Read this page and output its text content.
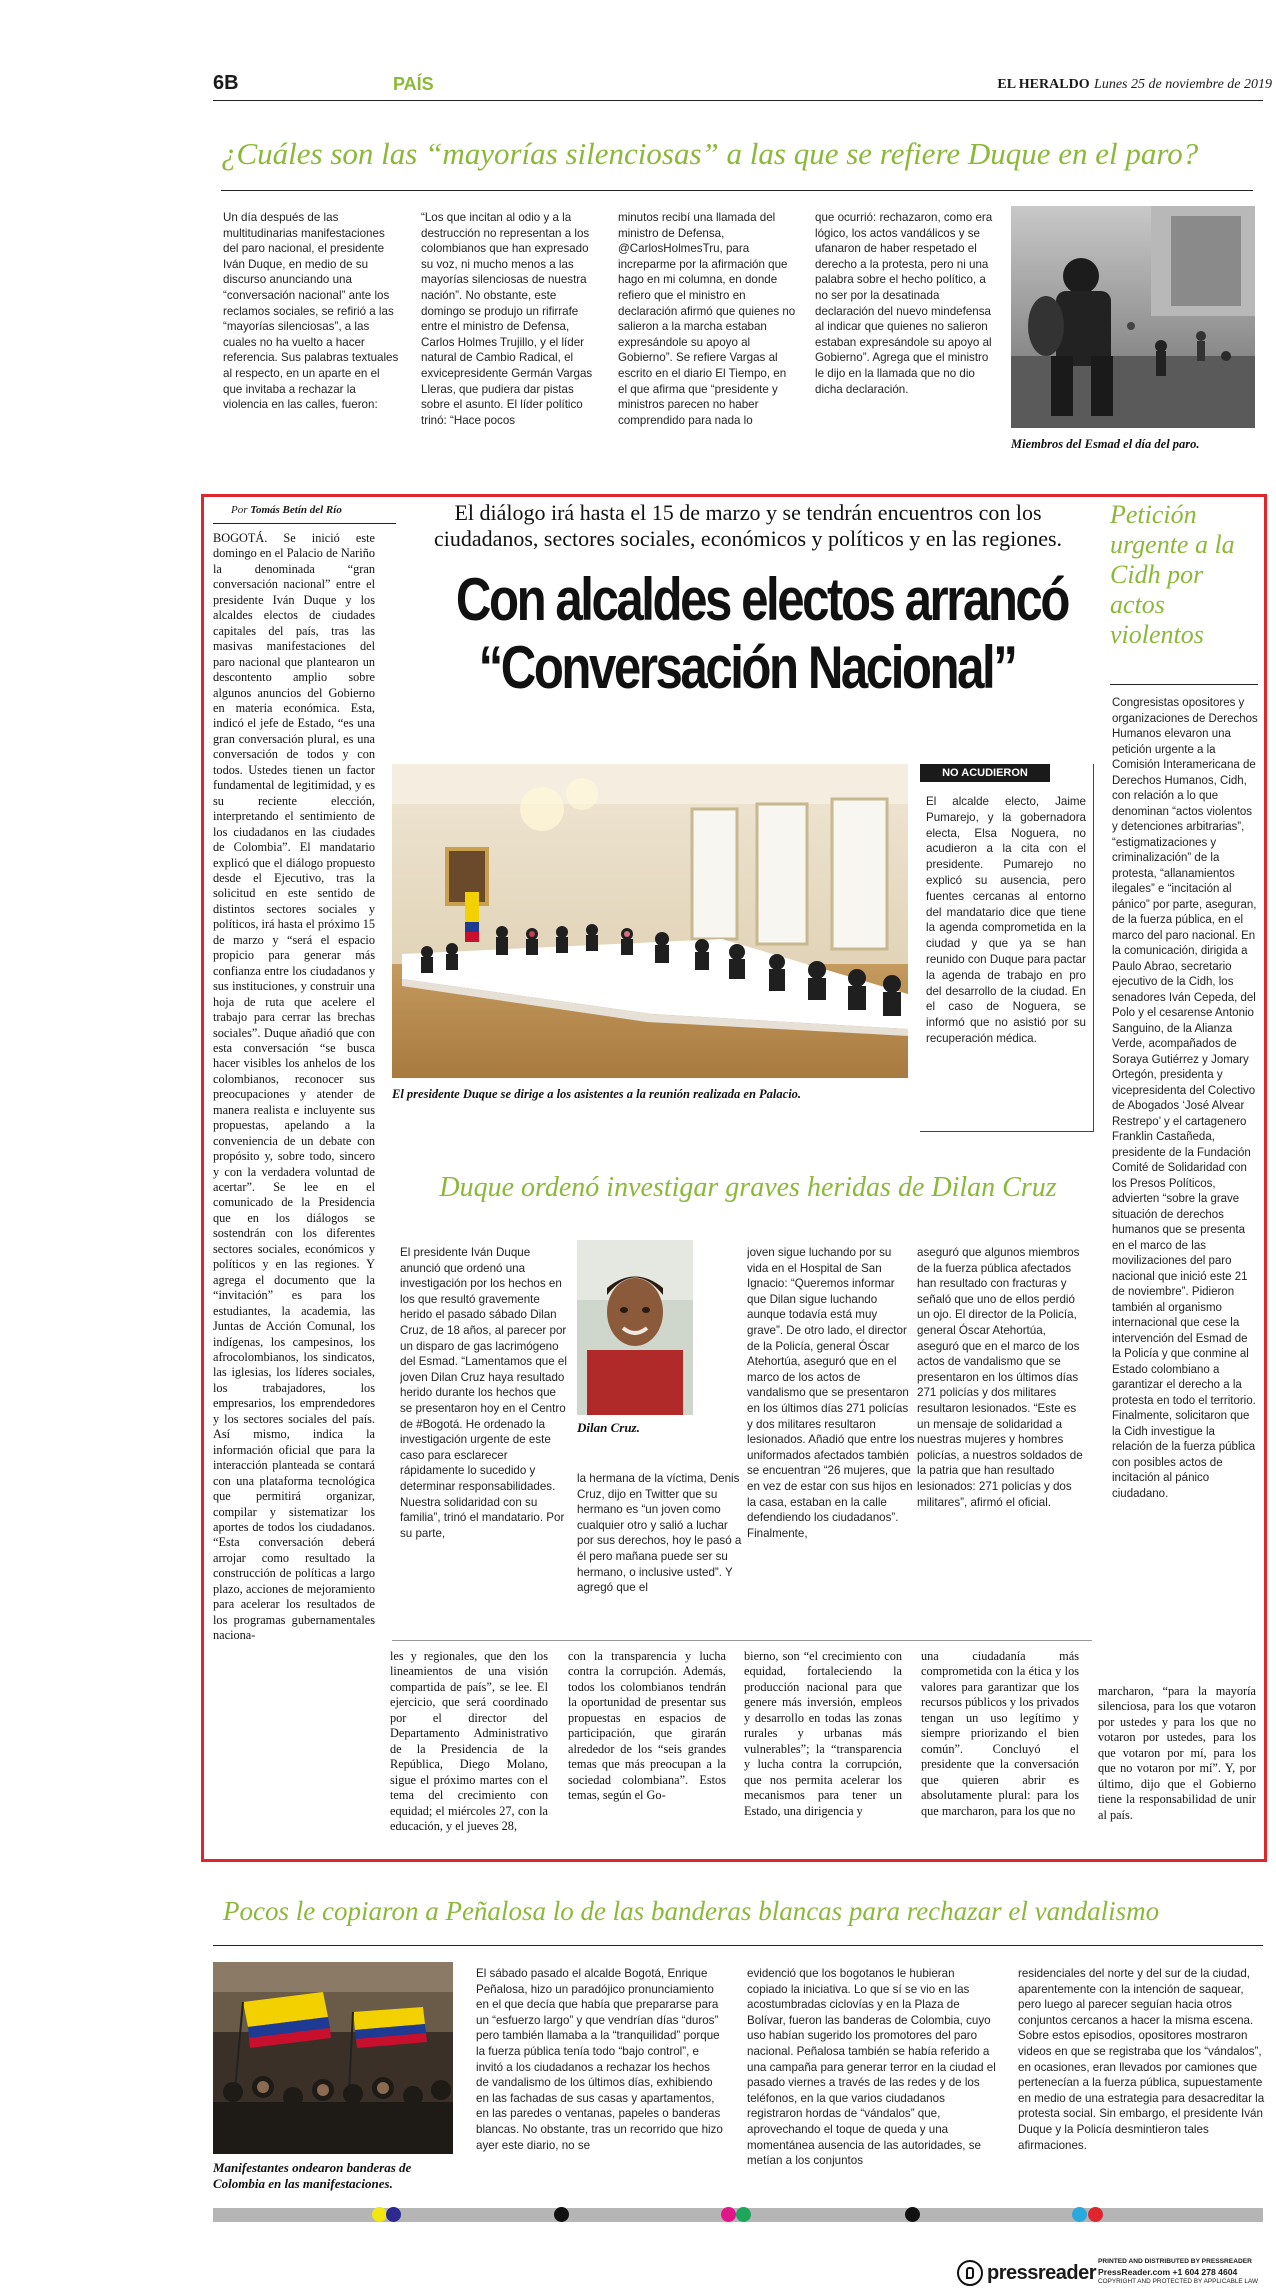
6B	PAÍS	EL HERALDO Lunes 25 de noviembre de 2019
¿Cuáles son las “mayorías silenciosas” a las que se refiere Duque en el paro?
Un día después de las multitudinarias manifestaciones del paro nacional, el presidente Iván Duque, en medio de su discurso anunciando una “conversación nacional” ante los reclamos sociales, se refirió a las “mayorías silenciosas”, a las cuales no ha vuelto a hacer referencia. Sus palabras textuales al respecto, en un aparte en el que invitaba a rechazar la violencia en las calles, fueron:
“Los que incitan al odio y a la destrucción no representan a los colombianos que han expresado su voz, ni mucho menos a las mayorías silenciosas de nuestra nación”. No obstante, este domingo se produjo un rifirrafe entre el ministro de Defensa, Carlos Holmes Trujillo, y el líder natural de Cambio Radical, el exvicepresidente Germán Vargas Lleras, que pudiera dar pistas sobre el asunto. El líder político trinó: “Hace pocos
minutos recibí una llamada del ministro de Defensa, @CarlosHolmesTru, para increparme por la afirmación que hago en mi columna, en donde refiero que el ministro en declaración afirmó que quienes no salieron a la marcha estaban expresándole su apoyo al Gobierno”. Se refiere Vargas al escrito en el diario El Tiempo, en el que afirma que “presidente y ministros parecen no haber comprendido para nada lo
que ocurrió: rechazaron, como era lógico, los actos vandálicos y se ufanaron de haber respetado el derecho a la protesta, pero ni una palabra sobre el hecho político, a no ser por la desatinada declaración del nuevo mindefensa al indicar que quienes no salieron estaban expresándole su apoyo al Gobierno”. Agrega que el ministro le dijo en la llamada que no dio dicha declaración.
Miembros del Esmad el día del paro.
Por Tomás Betín del Río	El diálogo irá hasta el 15 de marzo y se tendrán encuentros con los ciudadanos, sectores sociales, económicos y políticos y en las regiones.
Con alcaldes electos arrancó
“Conversación Nacional”
BOGOTÁ. Se inició este domingo en el Palacio de Nariño la denominada “gran conversación nacional” entre el presidente Iván Duque y los alcaldes electos de ciudades capitales del país, tras las masivas manifestaciones del paro nacional que plantearon un descontento amplio sobre algunos anuncios del Gobierno en materia económica. Esta, indicó el jefe de Estado, “es una gran conversación plural, es una conversación de todos y con todos. Ustedes tienen un factor fundamental de legitimidad, y es su reciente elección, interpretando el sentimiento de los ciudadanos en las ciudades de Colombia”. El mandatario explicó que el diálogo propuesto desde el Ejecutivo, tras la solicitud en este sentido de distintos sectores sociales y políticos, irá hasta el próximo 15 de marzo y “será el espacio propicio para generar más confianza entre los ciudadanos y sus instituciones, y construir una hoja de ruta que acelere el trabajo para cerrar las brechas sociales”. Duque añadió que con esta conversación “se busca hacer visibles los anhelos de los colombianos, reconocer sus preocupaciones y atender de manera realista e incluyente sus propuestas, apelando a la conveniencia de un debate con propósito y, sobre todo, sincero y con la verdadera voluntad de acertar”. Se lee en el comunicado de la Presidencia que en los diálogos se sostendrán con los diferentes sectores sociales, económicos y políticos y en las regiones. Y agrega el documento que la “invitación” es para los estudiantes, la academia, las Juntas de Acción Comunal, los indígenas, los campesinos, los afrocolombianos, los sindicatos, las iglesias, los líderes sociales, los trabajadores, los empresarios, los emprendedores y los sectores sociales del país. Así mismo, indica la información oficial que para la interacción planteada se contará con una plataforma tecnológica que permitirá organizar, compilar y sistematizar los aportes de todos los ciudadanos. “Esta conversación deberá arrojar como resultado la construcción de políticas a largo plazo, acciones de mejoramiento para acelerar los resultados de los programas gubernamentales naciona-
El presidente Duque se dirige a los asistentes a la reunión realizada en Palacio.
NO ACUDIERON
El alcalde electo, Jaime Pumarejo, y la gobernadora electa, Elsa Noguera, no acudieron a la cita con el presidente. Pumarejo no explicó su ausencia, pero fuentes cercanas al entorno del mandatario dice que tiene la agenda comprometida en la ciudad y que ya se han reunido con Duque para pactar la agenda de trabajo en pro del desarrollo de la ciudad. En el caso de Noguera, se informó que no asistió por su recuperación médica.
Duque ordenó investigar graves heridas de Dilan Cruz
El presidente Iván Duque anunció que ordenó una investigación por los hechos en los que resultó gravemente herido el pasado sábado Dilan Cruz, de 18 años, al parecer por un disparo de gas lacrimógeno del Esmad. “Lamentamos que el joven Dilan Cruz haya resultado herido durante los hechos que se presentaron hoy en el Centro de #Bogotá. He ordenado la investigación urgente de este caso para esclarecer rápidamente lo sucedido y determinar responsabilidades. Nuestra solidaridad con su familia”, trinó el mandatario. Por su parte,
Dilan Cruz.
la hermana de la víctima, Denis Cruz, dijo en Twitter que su hermano es “un joven como cualquier otro y salió a luchar por sus derechos, hoy le pasó a él pero mañana puede ser su hermano, o inclusive usted”. Y agregó que el
joven sigue luchando por su vida en el Hospital de San Ignacio: “Queremos informar que Dilan sigue luchando aunque todavía está muy grave”. De otro lado, el director de la Policía, general Óscar Atehortúa, aseguró que en el marco de los actos de vandalismo que se presentaron en los últimos días 271 policías y dos militares resultaron lesionados. Añadió que entre los uniformados afectados también se encuentran “26 mujeres, que en vez de estar con sus hijos en la casa, estaban en la calle defendiendo los ciudadanos”. Finalmente,
aseguró que algunos miembros de la fuerza pública afectados han resultado con fracturas y señaló que uno de ellos perdió un ojo. El director de la Policía, general Óscar Atehortúa, aseguró que en el marco de los actos de vandalismo que se presentaron en los últimos días 271 policías y dos militares resultaron lesionados. “Este es un mensaje de solidaridad a nuestras mujeres y hombres policías, a nuestros soldados de la patria que han resultado lesionados: 271 policías y dos militares”, afirmó el oficial.
les y regionales, que den los lineamientos de una visión compartida de país”, se lee. El ejercicio, que será coordinado por el director del Departamento Administrativo de la Presidencia de la República, Diego Molano, sigue el próximo martes con el tema del crecimiento con equidad; el miércoles 27, con la educación, y el jueves 28,
con la transparencia y lucha contra la corrupción. Además, todos los colombianos tendrán la oportunidad de presentar sus propuestas en espacios de participación, que girarán alrededor de los “seis grandes temas que más preocupan a la sociedad colombiana”. Estos temas, según el Go-
bierno, son “el crecimiento con equidad, fortaleciendo la producción nacional para que genere más inversión, empleos y desarrollo en todas las zonas rurales y urbanas más vulnerables”; la “transparencia y lucha contra la corrupción, que nos permita acelerar los mecanismos para tener un Estado, una dirigencia y
una ciudadanía más comprometida con la ética y los valores para garantizar que los recursos públicos y los privados tengan un uso legítimo y siempre priorizando el bien común”. Concluyó el presidente que la conversación que quieren abrir es absolutamente plural: para los que marcharon, para los que no
marcharon, “para la mayoría silenciosa, para los que votaron por ustedes y para los que no votaron por ustedes, para los que votaron por mí, para los que no votaron por mí”. Y, por último, dijo que el Gobierno tiene la responsabilidad de unir al país.
Petición urgente a la Cidh por actos violentos
Congresistas opositores y organizaciones de Derechos Humanos elevaron una petición urgente a la Comisión Interamericana de Derechos Humanos, Cidh, con relación a lo que denominan “actos violentos y detenciones arbitrarias”, “estigmatizaciones y criminalización” de la protesta, “allanamientos ilegales” e “incitación al pánico” por parte, aseguran, de la fuerza pública, en el marco del paro nacional. En la comunicación, dirigida a Paulo Abrao, secretario ejecutivo de la Cidh, los senadores Iván Cepeda, del Polo y el cesarense Antonio Sanguino, de la Alianza Verde, acompañados de Soraya Gutiérrez y Jomary Ortegón, presidenta y vicepresidenta del Colectivo de Abogados ‘José Alvear Restrepo’ y el cartagenero Franklin Castañeda, presidente de la Fundación Comité de Solidaridad con los Presos Políticos, advierten “sobre la grave situación de derechos humanos que se presenta en el marco de las movilizaciones del paro nacional que inició este 21 de noviembre”. Pidieron también al organismo internacional que cese la intervención del Esmad de la Policía y que conmine al Estado colombiano a garantizar el derecho a la protesta en todo el territorio. Finalmente, solicitaron que la Cidh investigue la relación de la fuerza pública con posibles actos de incitación al pánico ciudadano.
Pocos le copiaron a Peñalosa lo de las banderas blancas para rechazar el vandalismo
Manifestantes ondearon banderas de Colombia en las manifestaciones.
El sábado pasado el alcalde Bogotá, Enrique Peñalosa, hizo un paradójico pronunciamiento en el que decía que había que prepararse para un “esfuerzo largo” y que vendrían días “duros” pero también llamaba a la “tranquilidad” porque la fuerza pública tenía todo “bajo control”, e invitó a los ciudadanos a rechazar los hechos de vandalismo de los últimos días, exhibiendo en las fachadas de sus casas y apartamentos, en las paredes o ventanas, papeles o banderas blancas. No obstante, tras un recorrido que hizo ayer este diario, no se
evidenció que los bogotanos le hubieran copiado la iniciativa. Lo que sí se vio en las acostumbradas ciclovías y en la Plaza de Bolívar, fueron las banderas de Colombia, cuyo uso habían sugerido los promotores del paro nacional. Peñalosa también se había referido a una campaña para generar terror en la ciudad el pasado viernes a través de las redes y de los teléfonos, en la que varios ciudadanos registraron hordas de “vándalos” que, aprovechando el toque de queda y una momentánea ausencia de las autoridades, se metían a los conjuntos
residenciales del norte y del sur de la ciudad, aparentemente con la intención de saquear, pero luego al parecer seguían hacia otros conjuntos cercanos a hacer la misma escena. Sobre estos episodios, opositores mostraron videos en que se registraba que los “vándalos”, en ocasiones, eran llevados por camiones que pertenecían a la fuerza pública, supuestamente en medio de una estrategia para desacreditar la protesta social. Sin embargo, el presidente Iván Duque y la Policía desmintieron tales afirmaciones.
pressreader PRINTED AND DISTRIBUTED BY PRESSREADER
PressReader.com +1 604 278 4604
COPYRIGHT AND PROTECTED BY APPLICABLE LAW
